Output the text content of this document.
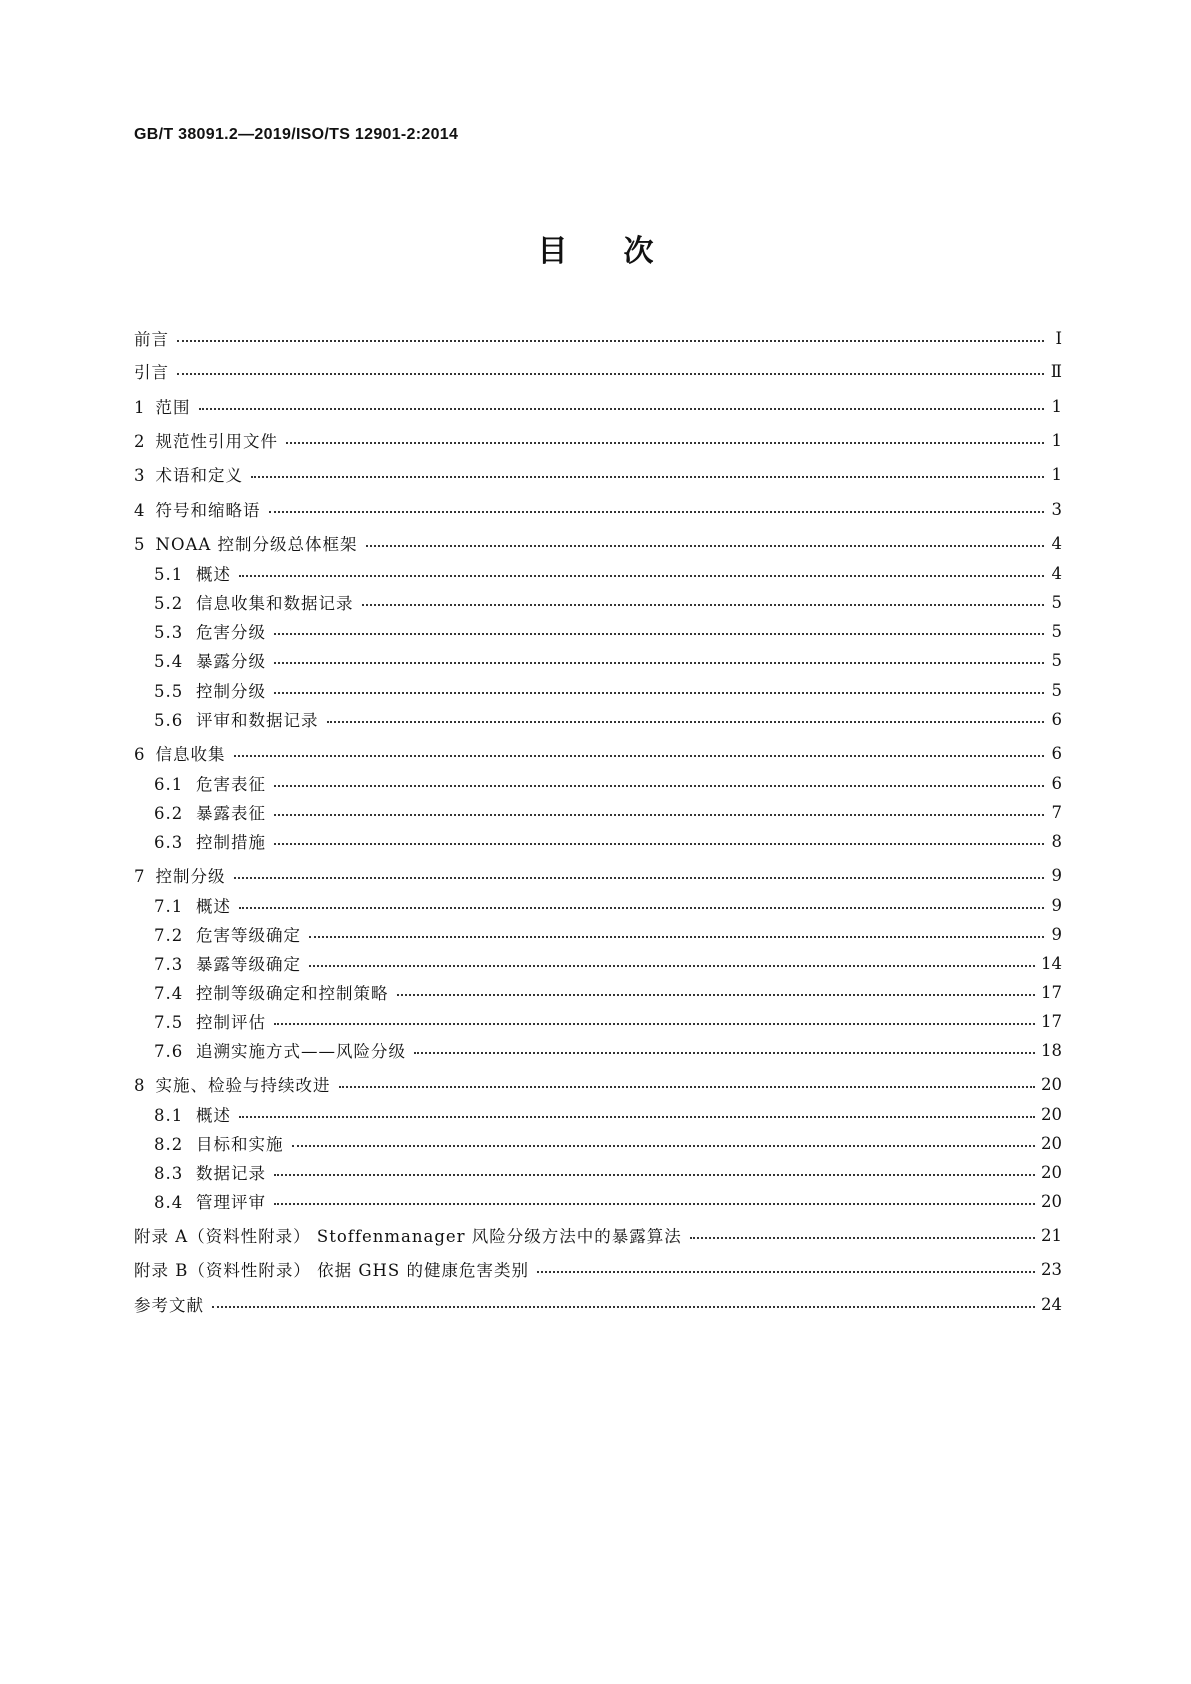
GB/T 38091.2—2019/ISO/TS 12901-2:2014
目次
前言	Ⅰ
引言	Ⅱ
1 范围	1
2 规范性引用文件	1
3 术语和定义	1
4 符号和缩略语	3
5 NOAA 控制分级总体框架	4
5.1 概述	4
5.2 信息收集和数据记录	5
5.3 危害分级	5
5.4 暴露分级	5
5.5 控制分级	5
5.6 评审和数据记录	6
6 信息收集	6
6.1 危害表征	6
6.2 暴露表征	7
6.3 控制措施	8
7 控制分级	9
7.1 概述	9
7.2 危害等级确定	9
7.3 暴露等级确定	14
7.4 控制等级确定和控制策略	17
7.5 控制评估	17
7.6 追溯实施方式——风险分级	18
8 实施、检验与持续改进	20
8.1 概述	20
8.2 目标和实施	20
8.3 数据记录	20
8.4 管理评审	20
附录 A（资料性附录） Stoffenmanager 风险分级方法中的暴露算法	21
附录 B（资料性附录） 依据 GHS 的健康危害类别	23
参考文献	24
